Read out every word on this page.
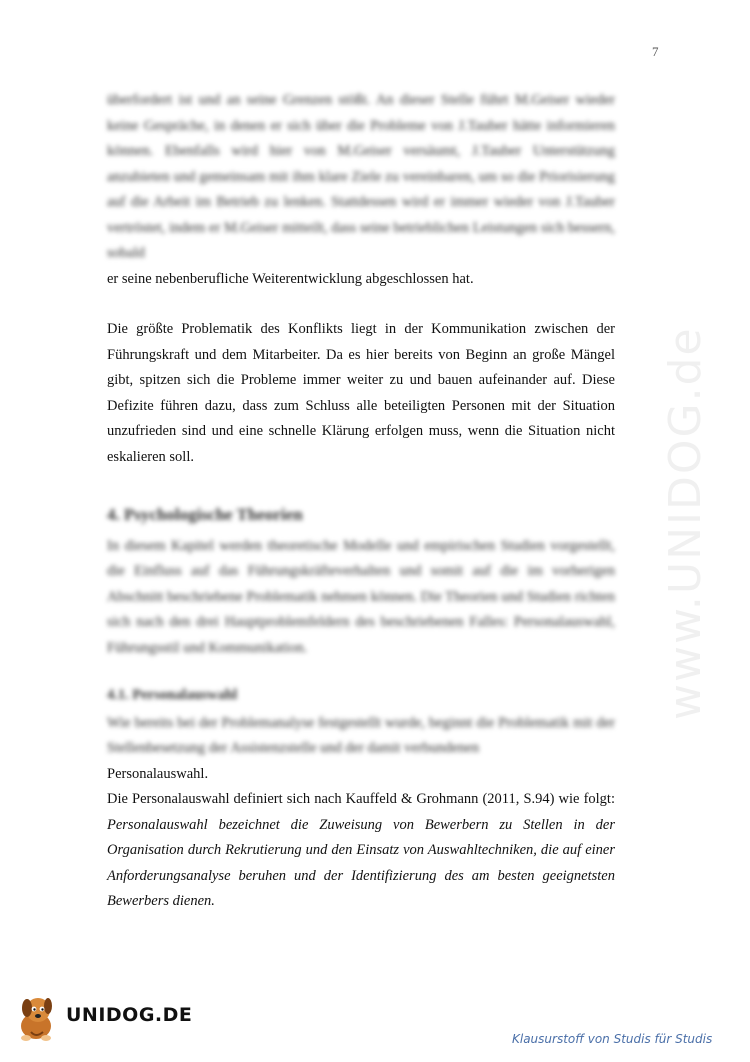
7
www.UNIDOG.de

überfordert ist und an seine Grenzen stößt. An dieser Stelle führt M.Geiser wieder keine Gespräche, in denen er sich über die Probleme von J.Tauber hätte informieren können. Ebenfalls wird hier von M.Geiser versäumt, J.Tauber Unterstützung anzubieten und gemeinsam mit ihm klare Ziele zu vereinbaren, um so die Priorisierung auf die Arbeit im Betrieb zu lenken. Stattdessen wird er immer wieder von J.Tauber vertröstet, indem er M.Geiser mitteilt, dass seine betrieblichen Leistungen sich bessern, sobald

er seine nebenberufliche Weiterentwicklung abgeschlossen hat.

Die größte Problematik des Konflikts liegt in der Kommunikation zwischen der Führungskraft und dem Mitarbeiter. Da es hier bereits von Beginn an große Mängel gibt, spitzen sich die Probleme immer weiter zu und bauen aufeinander auf. Diese Defizite führen dazu, dass zum Schluss alle beteiligten Personen mit der Situation unzufrieden sind und eine schnelle Klärung erfolgen muss, wenn die Situation nicht eskalieren soll.

4. Psychologische Theorien

In diesem Kapitel werden theoretische Modelle und empirischen Studien vorgestellt, die Einfluss auf das Führungskräfteverhalten und somit auf die im vorherigen Abschnitt beschriebene Problematik nehmen können. Die Theorien und Studien richten sich nach den drei Hauptproblemfeldern des beschriebenen Falles: Personalauswahl, Führungsstil und Kommunikation.

4.1. Personalauswahl

Wie bereits bei der Problemanalyse festgestellt wurde, beginnt die Problematik mit der Stellenbesetzung der Assistenzstelle und der damit verbundenen

Personalauswahl.

Die Personalauswahl definiert sich nach Kauffeld & Grohmann (2011, S.94) wie folgt: Personalauswahl bezeichnet die Zuweisung von Bewerbern zu Stellen in der Organisation durch Rekrutierung und den Einsatz von Auswahltechniken, die auf einer Anforderungsanalyse beruhen und der Identifizierung des am besten geeignetsten Bewerbers dienen.

UNIDOG.DE
Klausurstoff von Studis für Studis
